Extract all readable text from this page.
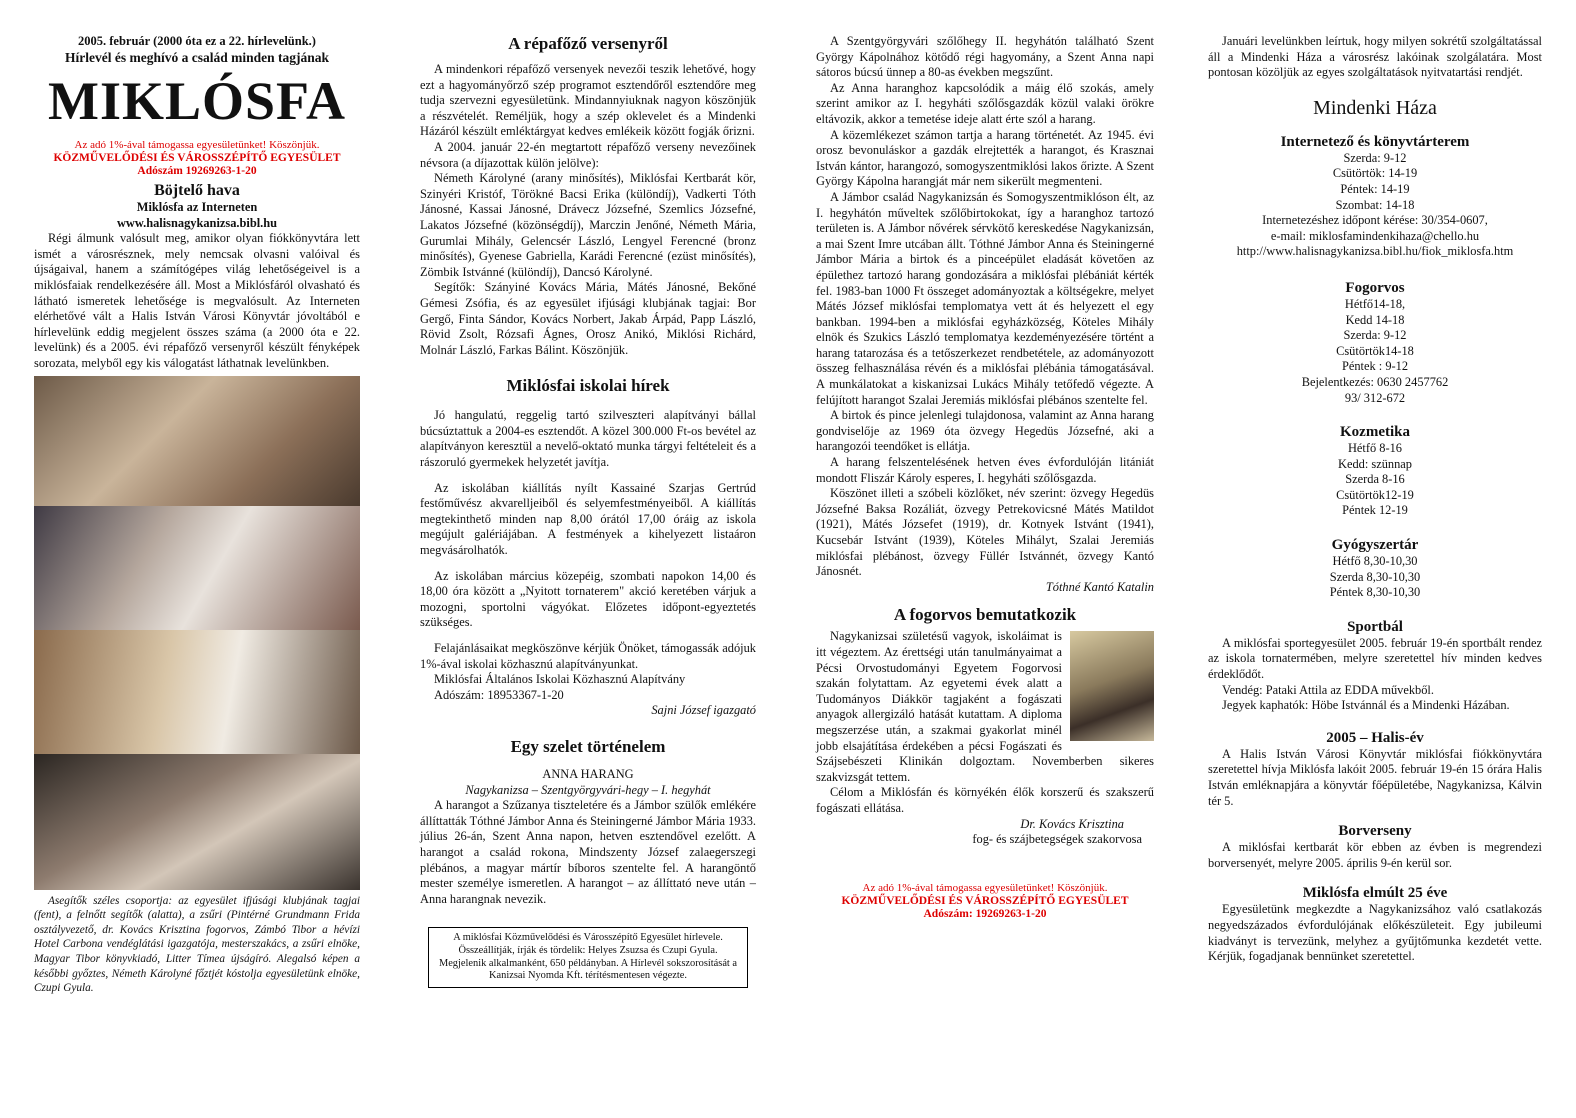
2005. február (2000 óta ez a 22. hírlevelünk.)

Hírlevél és meghívó a család minden tagjának

MIKLÓSFA

Az adó 1%-ával támogassa egyesületünket! Köszönjük.

KÖZMŰVELŐDÉSI ÉS VÁROSSZÉPÍTŐ EGYESÜLET

Adószám 19269263-1-20

Böjtelő hava

Miklósfa az Interneten

www.halisnagykanizsa.bibl.hu

Régi álmunk valósult meg, amikor olyan fiókkönyvtára lett ismét a városrésznek, mely nemcsak olvasni valóival és újságaival, hanem a számítógépes világ lehetőségeivel is a miklósfaiak rendelkezésére áll. Most a Miklósfáról olvasható és látható ismeretek lehetősége is megvalósult. Az Interneten elérhetővé vált a Halis István Városi Könyvtár jóvoltából e hírlevelünk eddig megjelent összes száma (a 2000 óta e 22. levelünk) és a 2005. évi répafőző versenyről készült fényképek sorozata, melyből egy kis válogatást láthatnak levelünkben.

Asegítők széles csoportja: az egyesület ifjúsági klubjának tagjai (fent), a felnőtt segítők (alatta), a zsűri (Pintérné Grundmann Frida osztályvezető, dr. Kovács Krisztina fogorvos, Zámbó Tibor a hévízi Hotel Carbona vendéglátási igazgatója, mesterszakács, a zsűri elnöke, Magyar Tibor könyvkiadó, Litter Tímea újságíró. Alegalsó képen a későbbi győztes, Németh Károlyné főztjét kóstolja egyesületünk elnöke, Czupi Gyula.

A répafőző versenyről

A mindenkori répafőző versenyek nevezői teszik lehetővé, hogy ezt a hagyományőrző szép programot esztendőről esztendőre meg tudja szervezni egyesületünk. Mindannyiuknak nagyon köszönjük a részvételét. Reméljük, hogy a szép oklevelet és a Mindenki Házáról készült emléktárgyat kedves emlékeik között fogják őrizni.

A 2004. január 22-én megtartott répafőző verseny nevezőinek névsora (a díjazottak külön jelölve):

Németh Károlyné (arany minősítés), Miklósfai Kertbarát kör, Szinyéri Kristóf, Törökné Bacsi Erika (különdíj), Vadkerti Tóth Jánosné, Kassai Jánosné, Drávecz Józsefné, Szemlics Józsefné, Lakatos Józsefné (közönségdíj), Marczin Jenőné, Németh Mária, Gurumlai Mihály, Gelencsér László, Lengyel Ferencné (bronz minősítés), Gyenese Gabriella, Karádi Ferencné (ezüst minősítés), Zömbik Istvánné (különdíj), Dancsó Károlyné.

Segítők: Szányiné Kovács Mária, Mátés Jánosné, Bekőné Gémesi Zsófia, és az egyesület ifjúsági klubjának tagjai: Bor Gergő, Finta Sándor, Kovács Norbert, Jakab Árpád, Papp László, Rövid Zsolt, Rózsafi Ágnes, Orosz Anikó, Miklósi Richárd, Molnár László, Farkas Bálint. Köszönjük.

Miklósfai iskolai hírek

Jó hangulatú, reggelig tartó szilveszteri alapítványi bállal búcsúztattuk a 2004-es esztendőt. A közel 300.000 Ft-os bevétel az alapítványon keresztül a nevelő-oktató munka tárgyi feltételeit és a rászoruló gyermekek helyzetét javítja.

Az iskolában kiállítás nyílt Kassainé Szarjas Gertrúd festőművész akvarelljeiből és selyemfestményeiből. A kiállítás megtekinthető minden nap 8,00 órától 17,00 óráig az iskola megújult galériájában. A festmények a kihelyezett listaáron megvásárolhatók.

Az iskolában március közepéig, szombati napokon 14,00 és 18,00 óra között a „Nyitott tornaterem" akció keretében várjuk a mozogni, sportolni vágyókat. Előzetes időpont-egyeztetés szükséges.

Felajánlásaikat megköszönve kérjük Önöket, támogassák adójuk 1%-ával iskolai közhasznú alapítványunkat.

Miklósfai Általános Iskolai Közhasznú Alapítvány

Adószám: 18953367-1-20

Sajni József igazgató

Egy szelet történelem

ANNA HARANG

Nagykanizsa – Szentgyörgyvári-hegy – I. hegyhát

A harangot a Szűzanya tiszteletére és a Jámbor szülők emlékére állíttatták Tóthné Jámbor Anna és Steiningerné Jámbor Mária 1933. július 26-án, Szent Anna napon, hetven esztendővel ezelőtt. A harangot a család rokona, Mindszenty József zalaegerszegi plébános, a magyar mártír bíboros szentelte fel. A harangöntő mester személye ismeretlen. A harangot – az állíttató neve után – Anna harangnak nevezik.

A miklósfai Közművelődési és Városszépítő Egyesület hírlevele. Összeállítják, írják és tördelik: Helyes Zsuzsa és Czupi Gyula. Megjelenik alkalmanként, 650 példányban. A Hírlevél sokszorosítását a Kanizsai Nyomda Kft. térítésmentesen végezte.

A Szentgyörgyvári szőlőhegy II. hegyhátón található Szent György Kápolnához kötődő régi hagyomány, a Szent Anna napi sátoros búcsú ünnep a 80-as években megszűnt.

Az Anna haranghoz kapcsolódik a máig élő szokás, amely szerint amikor az I. hegyháti szőlősgazdák közül valaki örökre eltávozik, akkor a temetése ideje alatt érte szól a harang.

A közemlékezet számon tartja a harang történetét. Az 1945. évi orosz bevonuláskor a gazdák elrejtették a harangot, és Krasznai István kántor, harangozó, somogyszentmiklósi lakos őrizte. A Szent György Kápolna harangját már nem sikerült megmenteni.

A Jámbor család Nagykanizsán és Somogyszentmiklóson élt, az I. hegyhátón műveltek szőlőbirtokokat, így a haranghoz tartozó területen is. A Jámbor nővérek sérvkötő kereskedése Nagykanizsán, a mai Szent Imre utcában állt. Tóthné Jámbor Anna és Steiningerné Jámbor Mária a birtok és a pinceépület eladását követően az épülethez tartozó harang gondozására a miklósfai plébániát kérték fel. 1983-ban 1000 Ft összeget adományoztak a költségekre, melyet Mátés József miklósfai templomatya vett át és helyezett el egy bankban. 1994-ben a miklósfai egyházközség, Köteles Mihály elnök és Szukics László templomatya kezdeményezésére történt a harang tatarozása és a tetőszerkezet rendbetétele, az adományozott összeg felhasználása révén és a miklósfai plébánia támogatásával. A munkálatokat a kiskanizsai Lukács Mihály tetőfedő végezte. A felújított harangot Szalai Jeremiás miklósfai plébános szentelte fel.

A birtok és pince jelenlegi tulajdonosa, valamint az Anna harang gondviselője az 1969 óta özvegy Hegedüs Józsefné, aki a harangozói teendőket is ellátja.

A harang felszentelésének hetven éves évfordulóján litániát mondott Fliszár Károly esperes, I. hegyháti szőlősgazda.

Köszönet illeti a szóbeli közlőket, név szerint: özvegy Hegedüs Józsefné Baksa Rozáliát, özvegy Petrekovicsné Mátés Matildot (1921), Mátés Józsefet (1919), dr. Kotnyek Istvánt (1941), Kucsebár Istvánt (1939), Köteles Mihályt, Szalai Jeremiás miklósfai plébánost, özvegy Füllér Istvánnét, özvegy Kantó Jánosnét.

Tóthné Kantó Katalin

A fogorvos bemutatkozik

Nagykanizsai születésű vagyok, iskoláimat is itt végeztem. Az érettségi után tanulmányaimat a Pécsi Orvostudományi Egyetem Fogorvosi szakán folytattam. Az egyetemi évek alatt a Tudományos Diákkör tagjaként a fogászati anyagok allergizáló hatását kutattam. A diploma megszerzése után, a szakmai gyakorlat minél jobb elsajátítása érdekében a pécsi Fogászati és Szájsebészeti Klinikán dolgoztam. Novemberben sikeres szakvizsgát tettem.

Célom a Miklósfán és környékén élők korszerű és szakszerű fogászati ellátása.

Dr. Kovács Krisztina

fog- és szájbetegségek szakorvosa

Az adó 1%-ával támogassa egyesületünket! Köszönjük.

KÖZMŰVELŐDÉSI ÉS VÁROSSZÉPÍTŐ EGYESÜLET

Adószám: 19269263-1-20

Januári levelünkben leírtuk, hogy milyen sokrétű szolgáltatással áll a Mindenki Háza a városrész lakóinak szolgálatára. Most pontosan közöljük az egyes szolgáltatások nyitvatartási rendjét.

Mindenki Háza
Internetező és könyvtárterem

Szerda: 9-12

Csütörtök: 14-19

Péntek: 14-19

Szombat: 14-18

Internetezéshez időpont kérése: 30/354-0607,

e-mail: miklosfamindenkihaza@chello.hu

http://www.halisnagykanizsa.bibl.hu/fiok_miklosfa.htm

Fogorvos

Hétfő14-18,

Kedd 14-18

Szerda: 9-12

Csütörtök14-18

Péntek : 9-12

Bejelentkezés: 0630 2457762

93/ 312-672

Kozmetika

Hétfő 8-16

Kedd: szünnap

Szerda 8-16

Csütörtök12-19

Péntek 12-19

Gyógyszertár

Hétfő 8,30-10,30

Szerda 8,30-10,30

Péntek 8,30-10,30

Sportbál

A miklósfai sportegyesület 2005. február 19-én sportbált rendez az iskola tornatermében, melyre szeretettel hív minden kedves érdeklődőt.

Vendég: Pataki Attila az EDDA művekből.

Jegyek kaphatók: Höbe Istvánnál és a Mindenki Házában.

2005 – Halis-év

A Halis István Városi Könyvtár miklósfai fiókkönyvtára szeretettel hívja Miklósfa lakóit 2005. február 19-én 15 órára Halis István emléknapjára a könyvtár főépületébe, Nagykanizsa, Kálvin tér 5.

Borverseny

A miklósfai kertbarát kör ebben az évben is megrendezi borversenyét, melyre 2005. április 9-én kerül sor.

Miklósfa elmúlt 25 éve

Egyesületünk megkezdte a Nagykanizsához való csatlakozás negyedszázados évfordulójának előkészületeit. Egy jubileumi kiadványt is tervezünk, melyhez a gyűjtőmunka kezdetét vette. Kérjük, fogadjanak bennünket szeretettel.
